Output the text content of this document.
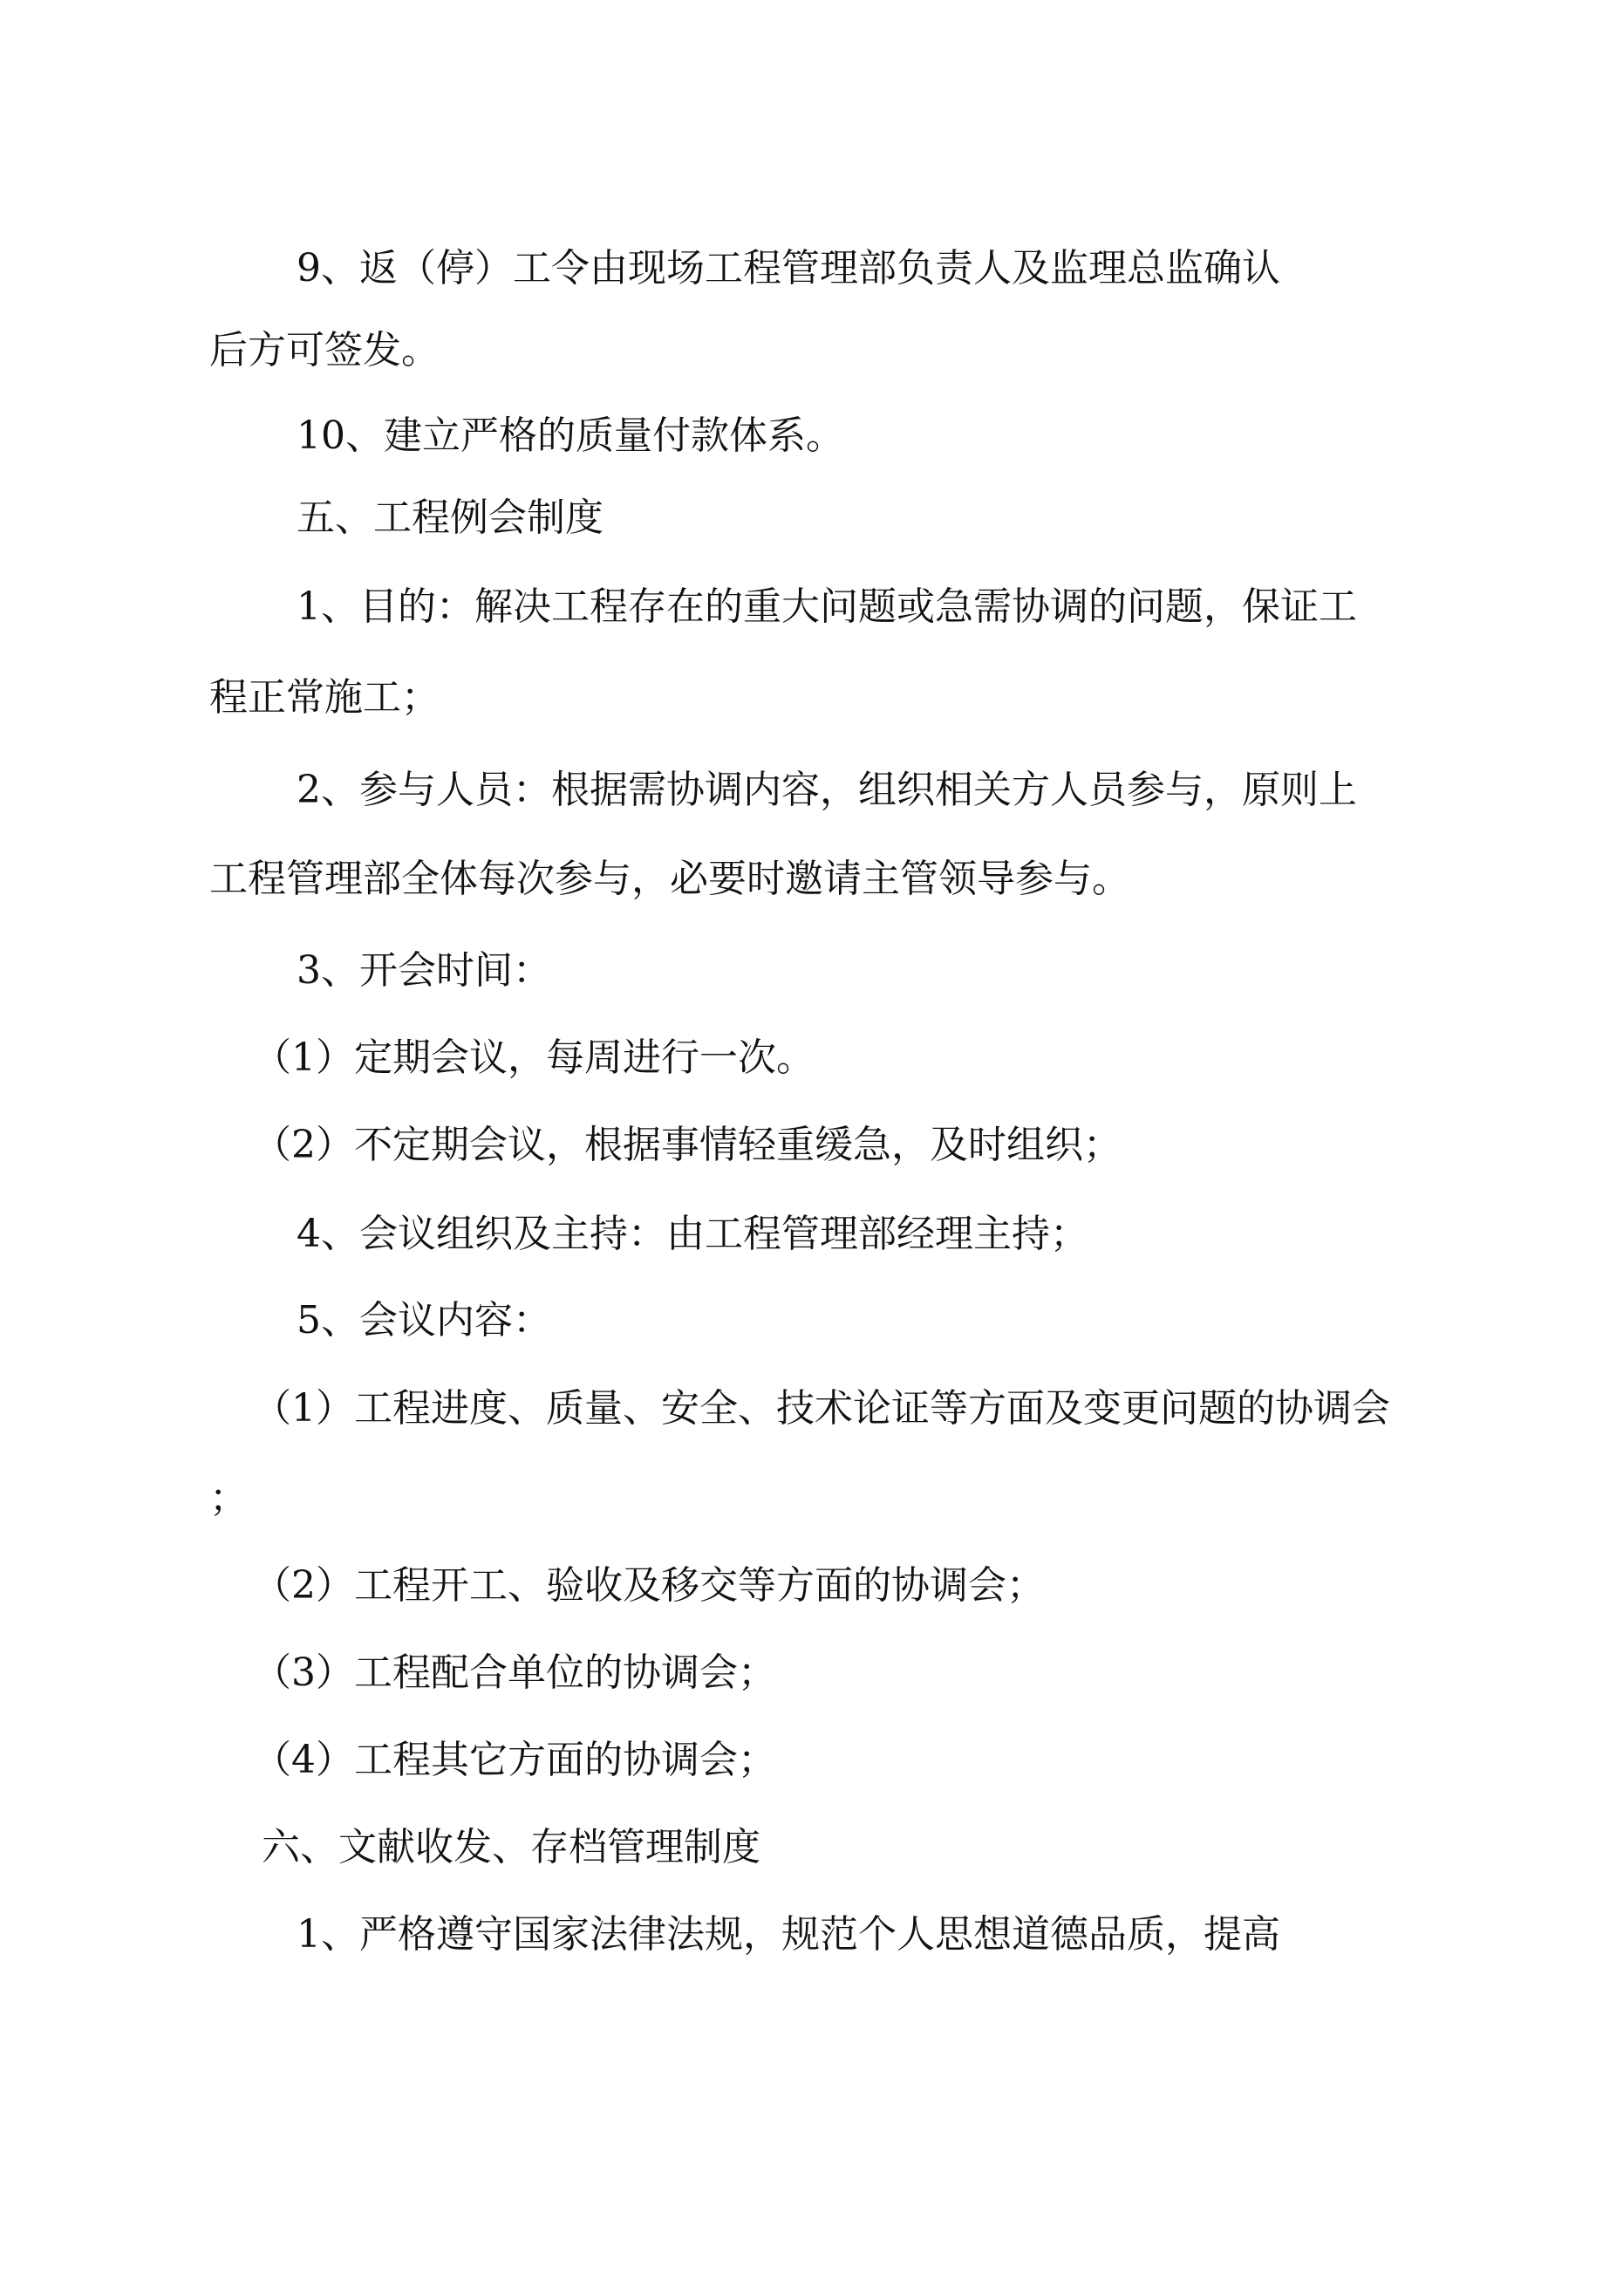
9、返（停）工令由现场工程管理部负责人及监理总监确认

后方可签发。

10、建立严格的质量付款体系。

五、工程例会制度

1、目的：解决工程存在的重大问题或急需协调的问题，保证工

程正常施工；

2、参与人员：根据需协调内容，组织相关方人员参与，原则上

工程管理部全体每次参与，必要时邀请主管领导参与。

3、开会时间：

（1）定期会议，每周进行一次。

（2）不定期会议，根据事情轻重缓急，及时组织；

4、会议组织及主持：由工程管理部经理主持；

5、会议内容：

（1）工程进度、质量、安全、技术论证等方面及变更问题的协调会

；

（2）工程开工、验收及移交等方面的协调会；

（3）工程配合单位的协调会；

（4）工程其它方面的协调会；

六、文献收发、存档管理制度

1、严格遵守国家法律法规，规范个人思想道德品质，提高
